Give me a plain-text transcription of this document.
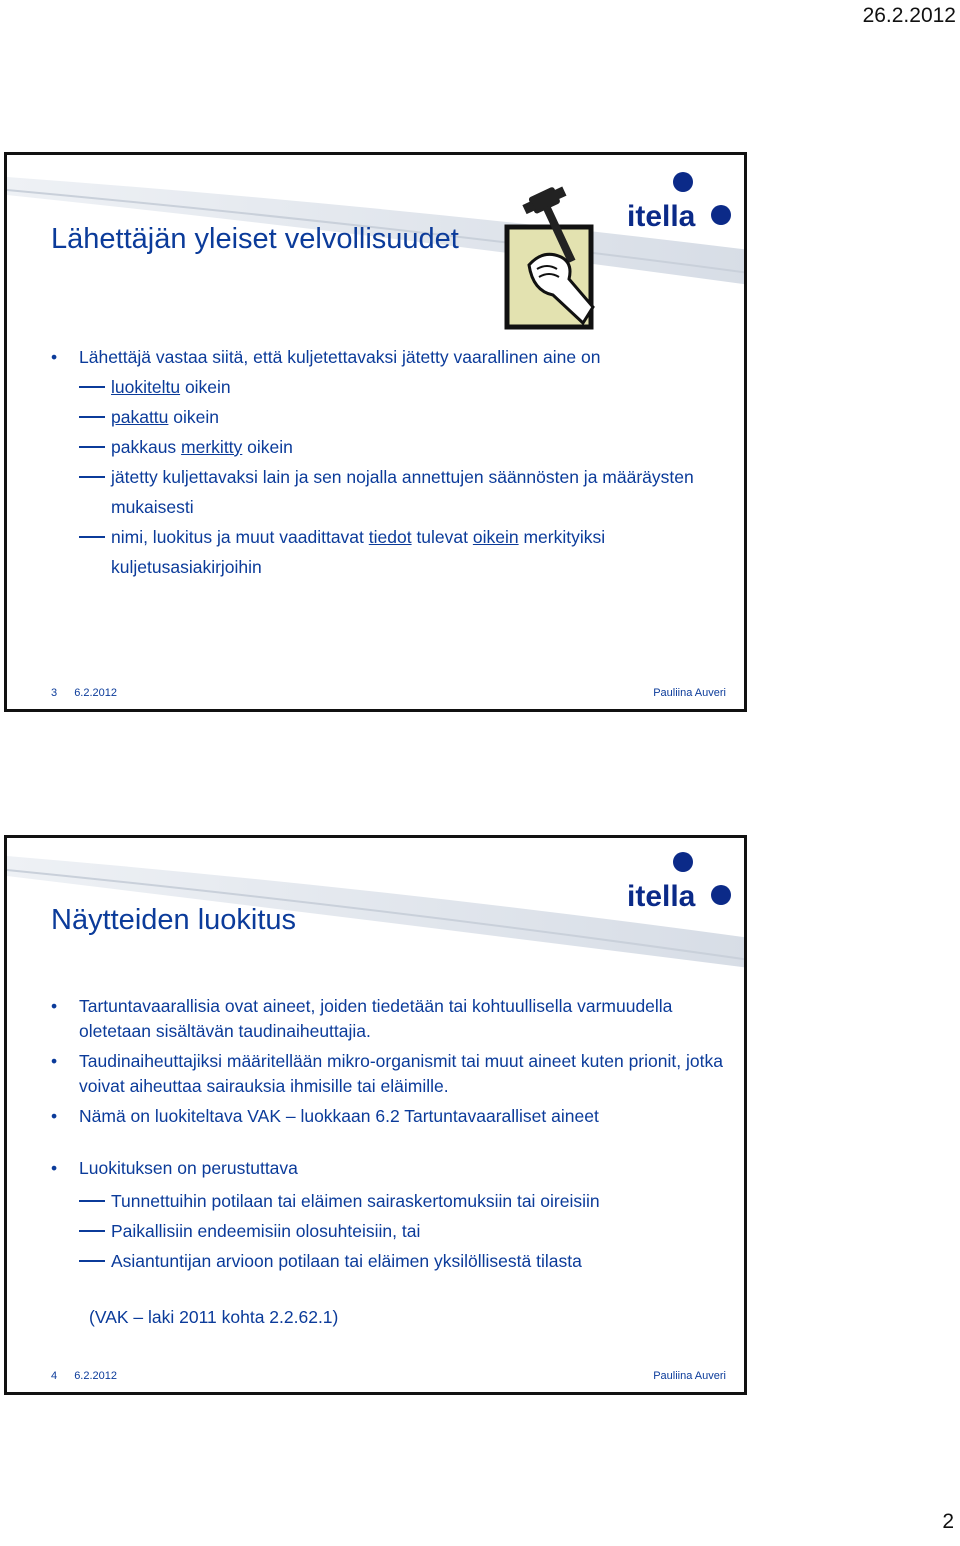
26.2.2012
itella
Lähettäjän yleiset velvollisuudet
• Lähettäjä vastaa siitä, että kuljetettavaksi jätetty vaarallinen aine on
luokiteltu oikein
pakattu oikein
pakkaus merkitty oikein
jätetty kuljettavaksi lain ja sen nojalla annettujen säännösten ja määräysten mukaisesti
nimi, luokitus ja muut vaadittavat tiedot tulevat oikein merkityiksi kuljetusasiakirjoihin
3 6.2.2012	Pauliina Auveri
itella
Näytteiden luokitus
• Tartuntavaarallisia ovat aineet, joiden tiedetään tai kohtuullisella varmuudella oletetaan sisältävän taudinaiheuttajia.
• Taudinaiheuttajiksi määritellään mikro-organismit tai muut aineet kuten prionit, jotka voivat aiheuttaa sairauksia ihmisille tai eläimille.
• Nämä on luokiteltava VAK – luokkaan 6.2 Tartuntavaaralliset aineet
• Luokituksen on perustuttava
Tunnettuihin potilaan tai eläimen sairaskertomuksiin tai oireisiin
Paikallisiin endeemisiin olosuhteisiin, tai
Asiantuntijan arvioon potilaan tai eläimen yksilöllisestä tilasta
(VAK – laki 2011 kohta 2.2.62.1)
4 6.2.2012	Pauliina Auveri
2
